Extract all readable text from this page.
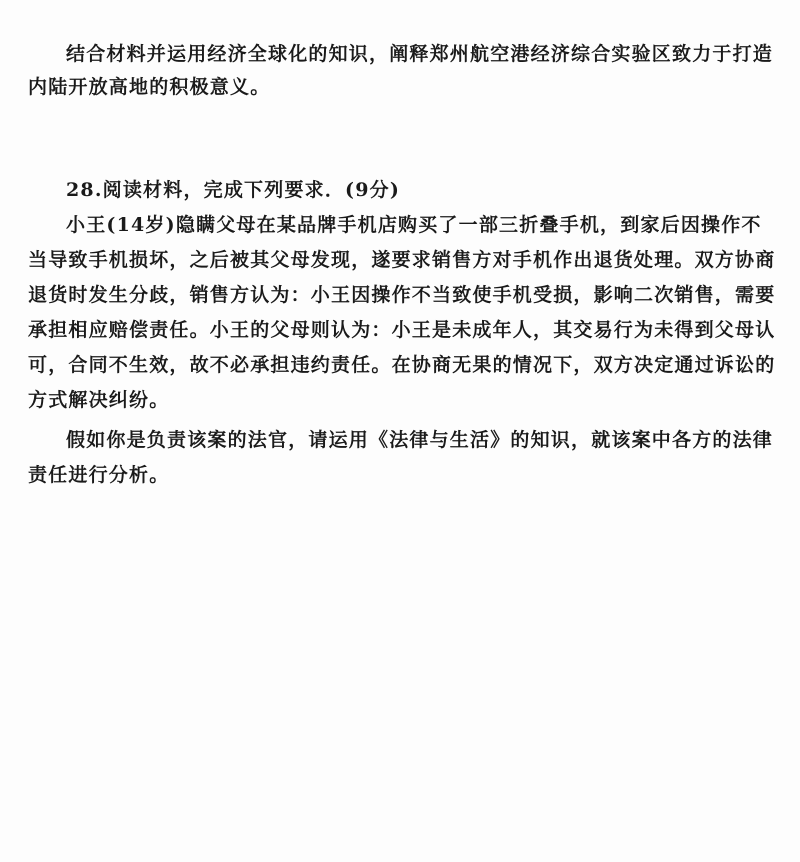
结合材料并运用经济全球化的知识，阐释郑州航空港经济综合实验区致力于打造内陆开放高地的积极意义。

28.阅读材料，完成下列要求．(9分)

小王(14岁)隐瞒父母在某品牌手机店购买了一部三折叠手机，到家后因操作不当导致手机损坏，之后被其父母发现，遂要求销售方对手机作出退货处理。双方协商退货时发生分歧，销售方认为：小王因操作不当致使手机受损，影响二次销售，需要承担相应赔偿责任。小王的父母则认为：小王是未成年人，其交易行为未得到父母认可，合同不生效，故不必承担违约责任。在协商无果的情况下，双方决定通过诉讼的方式解决纠纷。

假如你是负责该案的法官，请运用《法律与生活》的知识，就该案中各方的法律责任进行分析。
